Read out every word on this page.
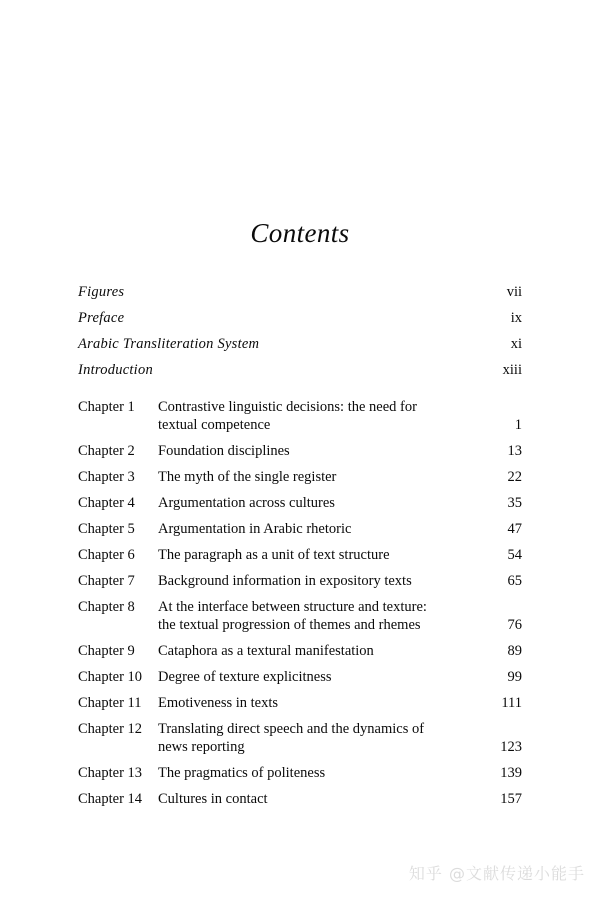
Contents
Figures	vii
Preface	ix
Arabic Transliteration System	xi
Introduction	xiii
Chapter 1	Contrastive linguistic decisions: the need for
textual competence	1
Chapter 2	Foundation disciplines	13
Chapter 3	The myth of the single register	22
Chapter 4	Argumentation across cultures	35
Chapter 5	Argumentation in Arabic rhetoric	47
Chapter 6	The paragraph as a unit of text structure	54
Chapter 7	Background information in expository texts	65
Chapter 8	At the interface between structure and texture:
the textual progression of themes and rhemes	76
Chapter 9	Cataphora as a textural manifestation	89
Chapter 10	Degree of texture explicitness	99
Chapter 11	Emotiveness in texts	111
Chapter 12	Translating direct speech and the dynamics of
news reporting	123
Chapter 13	The pragmatics of politeness	139
Chapter 14	Cultures in contact	157
知乎 @文献传递小能手
